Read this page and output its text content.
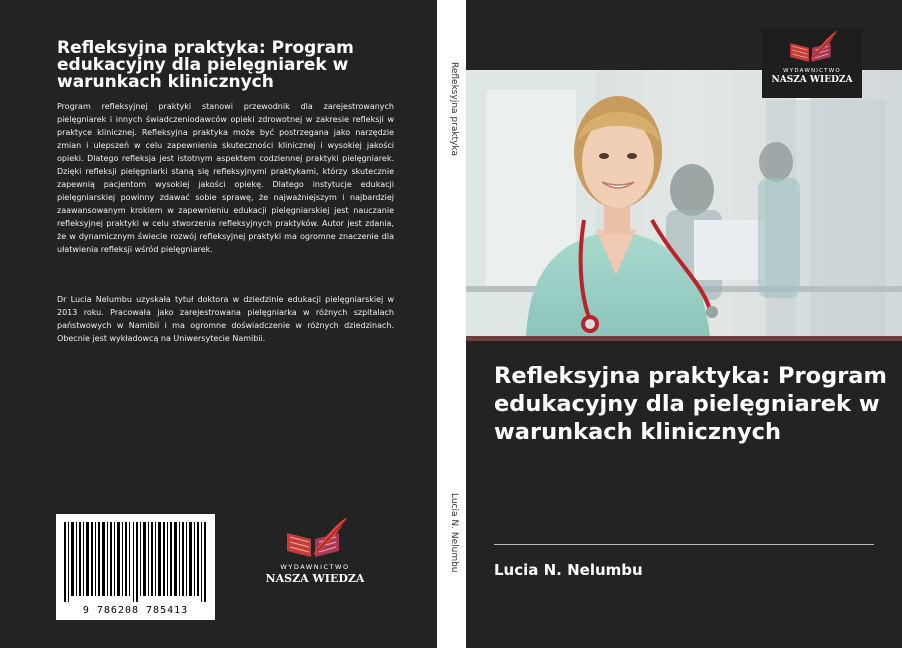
Refleksyjna praktyka: Program edukacyjny dla pielęgniarek w warunkach klinicznych

Program refleksyjnej praktyki stanowi przewodnik dla zarejestrowanych pielęgniarek i innych świadczeniodawców opieki zdrowotnej w zakresie refleksji w praktyce klinicznej. Refleksyjna praktyka może być postrzegana jako narzędzie zmian i ulepszeń w celu zapewnienia skuteczności klinicznej i wysokiej jakości opieki. Dlatego refleksja jest istotnym aspektem codziennej praktyki pielęgniarek. Dzięki refleksji pielęgniarki staną się refleksyjnymi praktykami, którzy skutecznie zapewnią pacjentom wysokiej jakości opiekę. Dlatego instytucje edukacji pielęgniarskiej powinny zdawać sobie sprawę, że najważniejszym i najbardziej zaawansowanym krokiem w zapewnieniu edukacji pielęgniarskiej jest nauczanie refleksyjnej praktyki w celu stworzenia refleksyjnych praktyków. Autor jest zdania, że w dynamicznym świecie rozwój refleksyjnej praktyki ma ogromne znaczenie dla ułatwienia refleksji wśród pielęgniarek.

Dr Lucia Nelumbu uzyskała tytuł doktora w dziedzinie edukacji pielęgniarskiej w 2013 roku. Pracowała jako zarejestrowana pielęgniarka w różnych szpitalach państwowych w Namibii i ma ogromne doświadczenie w różnych dziedzinach. Obecnie jest wykładowcą na Uniwersytecie Namibii.

9 786208 785413
WYDAWNICTWO
NASZA WIEDZA
Refleksyjna praktyka
Lucia N. Nelumbu
WYDAWNICTWO
NASZA WIEDZA
Refleksyjna praktyka: Program edukacyjny dla pielęgniarek w warunkach klinicznych

Lucia N. Nelumbu
